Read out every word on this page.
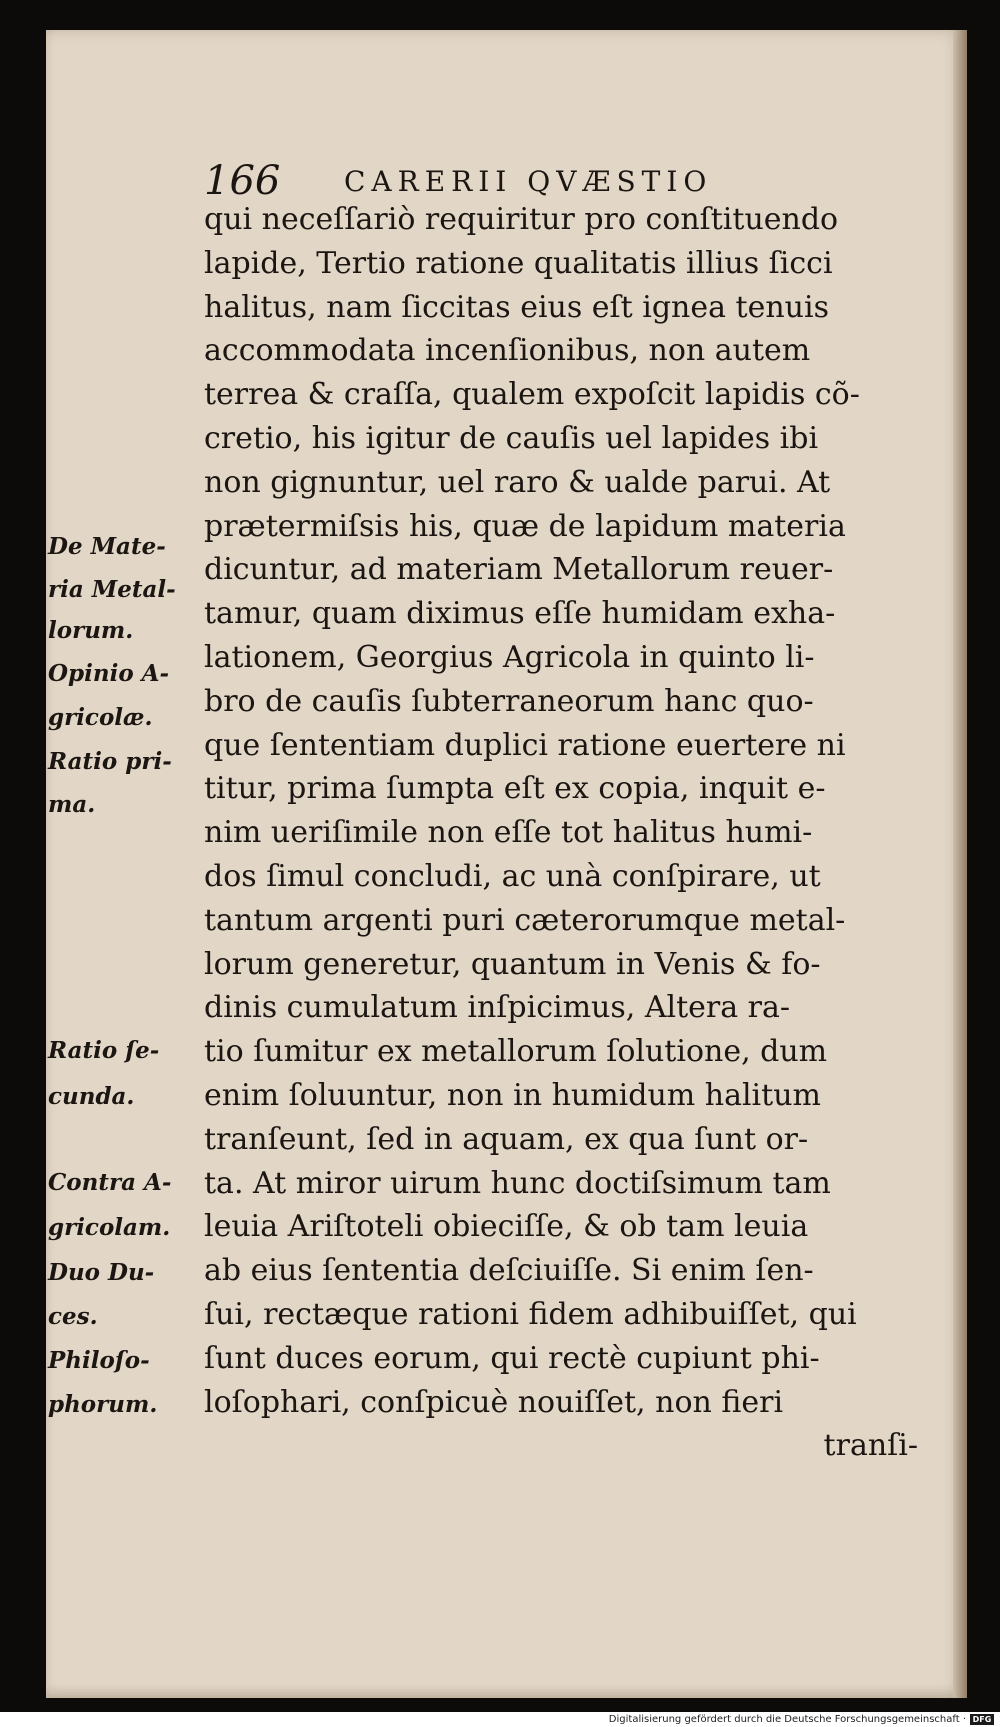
166 CARERII QVÆSTIO
qui neceſſariò requiritur pro conſtituendo
lapide, Tertio ratione qualitatis illius ſicci
halitus, nam ſiccitas eius eſt ignea tenuis
accommodata incenſionibus, non autem
terrea & craſſa, qualem expoſcit lapidis cõ-
cretio, his igitur de cauſis uel lapides ibi
non gignuntur, uel raro & ualde parui. At
prætermiſsis his, quæ de lapidum materia
dicuntur, ad materiam Metallorum reuer-
tamur, quam diximus eſſe humidam exha-
lationem, Georgius Agricola in quinto li-
bro de cauſis ſubterraneorum hanc quo-
que ſententiam duplici ratione euertere ni
titur, prima ſumpta eſt ex copia, inquit e-
nim ueriſimile non eſſe tot halitus humi-
dos ſimul concludi, ac unà conſpirare, ut
tantum argenti puri cæterorumque metal-
lorum generetur, quantum in Venis & fo-
dinis cumulatum inſpicimus, Altera ra-
tio ſumitur ex metallorum ſolutione, dum
enim ſoluuntur, non in humidum halitum
tranſeunt, ſed in aquam, ex qua ſunt or-
ta. At miror uirum hunc doctiſsimum tam
leuia Ariſtoteli obieciſſe, & ob tam leuia
ab eius ſententia deſciuiſſe. Si enim ſen-
ſui, rectæque rationi fidem adhibuiſſet, qui
ſunt duces eorum, qui rectè cupiunt phi-
loſophari, conſpicuè nouiſſet, non fieri
tranſi-
De Mate-
ria Metal-
lorum.
Opinio A-
gricolæ.
Ratio pri-
ma.
Ratio ſe-
cunda.
Contra A-
gricolam.
Duo Du-
ces.
Philoſo-
phorum.
Digitalisierung gefördert durch die Deutsche Forschungsgemeinschaft · DFG
